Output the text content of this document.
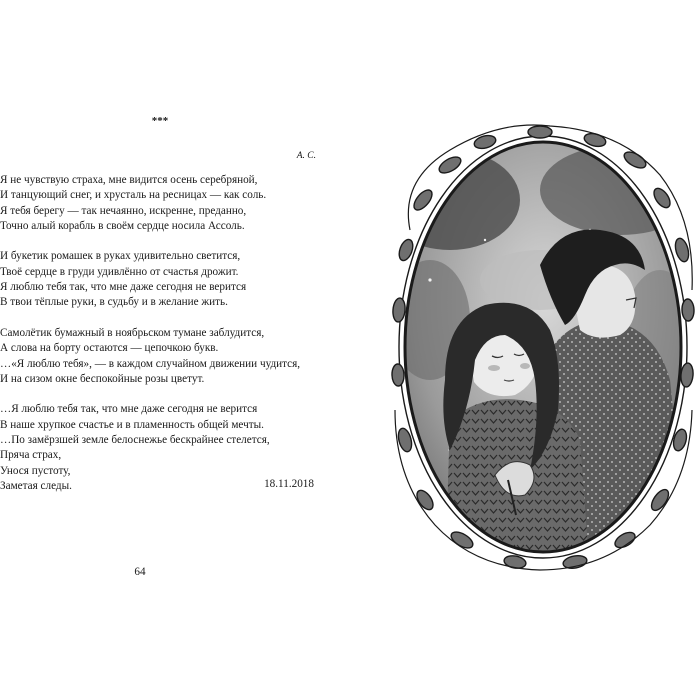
***
А. С.
Я не чувствую страха, мне видится осень серебряной,
И танцующий снег, и хрусталь на ресницах — как соль.
Я тебя берегу — так нечаянно, искренне, преданно,
Точно алый корабль в своём сердце носила Ассоль.
И букетик ромашек в руках удивительно светится,
Твоё сердце в груди удивлённо от счастья дрожит.
Я люблю тебя так, что мне даже сегодня не верится
В твои тёплые руки, в судьбу и в желание жить.
Самолётик бумажный в ноябрьском тумане заблудится,
А слова на борту остаются — цепочкою букв.
…«Я люблю тебя», — в каждом случайном движении чудится,
И на сизом окне беспокойные розы цветут.
…Я люблю тебя так, что мне даже сегодня не верится
В наше хрупкое счастье и в пламенность общей мечты.
…По замёрзшей земле белоснежье бескрайнее стелется,
Пряча страх,
Унося пустоту,
Заметая следы.	18.11.2018
64
